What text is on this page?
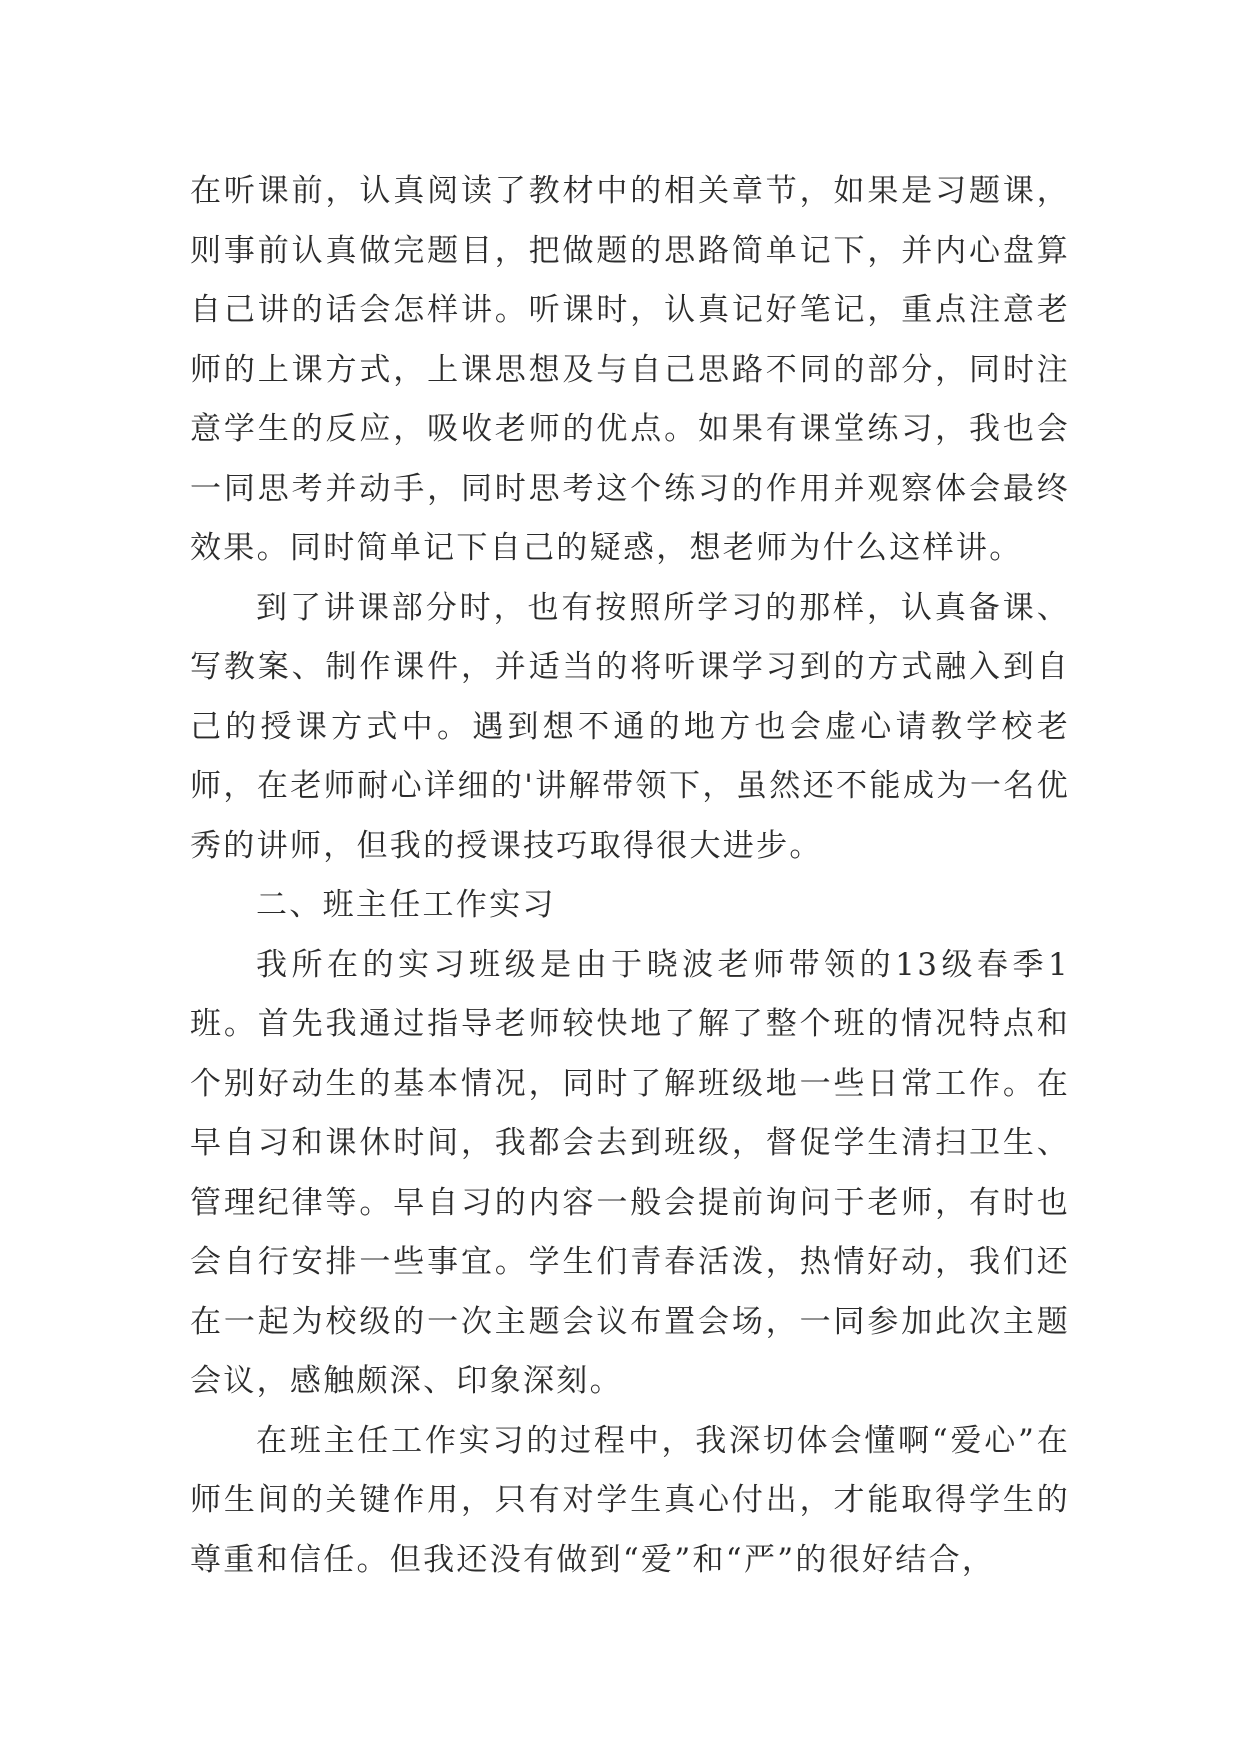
在听课前，认真阅读了教材中的相关章节，如果是习题课，则事前认真做完题目，把做题的思路简单记下，并内心盘算自己讲的话会怎样讲。听课时，认真记好笔记，重点注意老师的上课方式，上课思想及与自己思路不同的部分，同时注意学生的反应，吸收老师的优点。如果有课堂练习，我也会一同思考并动手，同时思考这个练习的作用并观察体会最终效果。同时简单记下自己的疑惑，想老师为什么这样讲。

到了讲课部分时，也有按照所学习的那样，认真备课、写教案、制作课件，并适当的将听课学习到的方式融入到自己的授课方式中。遇到想不通的地方也会虚心请教学校老师，在老师耐心详细的'讲解带领下，虽然还不能成为一名优秀的讲师，但我的授课技巧取得很大进步。

二、班主任工作实习

我所在的实习班级是由于晓波老师带领的13级春季1班。首先我通过指导老师较快地了解了整个班的情况特点和个别好动生的基本情况，同时了解班级地一些日常工作。在早自习和课休时间，我都会去到班级，督促学生清扫卫生、管理纪律等。早自习的内容一般会提前询问于老师，有时也会自行安排一些事宜。学生们青春活泼，热情好动，我们还在一起为校级的一次主题会议布置会场，一同参加此次主题会议，感触颇深、印象深刻。

在班主任工作实习的过程中，我深切体会懂啊“爱心”在师生间的关键作用，只有对学生真心付出，才能取得学生的尊重和信任。但我还没有做到“爱”和“严”的很好结合，
